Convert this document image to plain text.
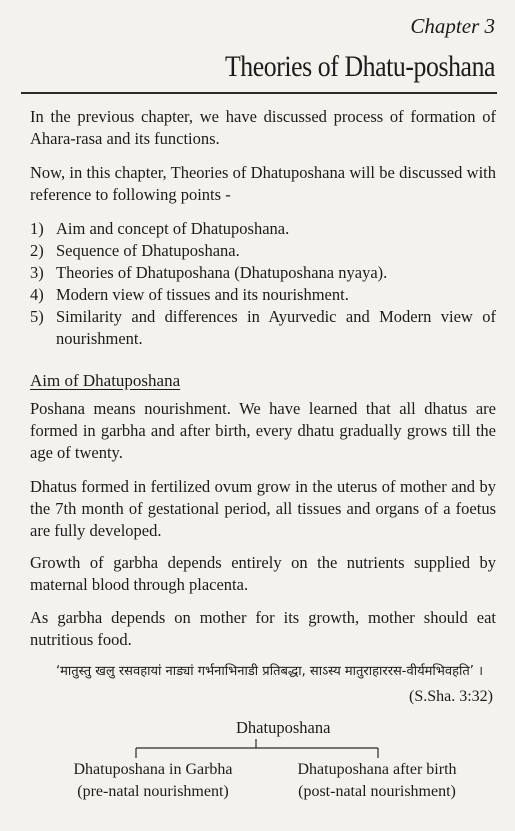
Chapter 3
Theories of Dhatu-poshana

In the previous chapter, we have discussed process of formation of Ahara-rasa and its functions.

Now, in this chapter, Theories of Dhatuposhana will be discussed with reference to following points -

1) Aim and concept of Dhatuposhana.
2) Sequence of Dhatuposhana.
3) Theories of Dhatuposhana (Dhatuposhana nyaya).
4) Modern view of tissues and its nourishment.
5) Similarity and differences in Ayurvedic and Modern view of nourishment.
Aim of Dhatuposhana

Poshana means nourishment. We have learned that all dhatus are formed in garbha and after birth, every dhatu gradually grows till the age of twenty.

Dhatus formed in fertilized ovum grow in the uterus of mother and by the 7th month of gestational period, all tissues and organs of a foetus are fully developed.

Growth of garbha depends entirely on the nutrients supplied by maternal blood through placenta.

As garbha depends on mother for its growth, mother should eat nutritious food.

‘मातुस्तु खलु रसवहायां नाड्यां गर्भनाभिनाडी प्रतिबद्धा, साऽस्य मातुराहाररस-वीर्यमभिवहति’ ।
(S.Sha. 3:32)
Dhatuposhana
Dhatuposhana in Garbha
(pre-natal nourishment)
Dhatuposhana after birth
(post-natal nourishment)
